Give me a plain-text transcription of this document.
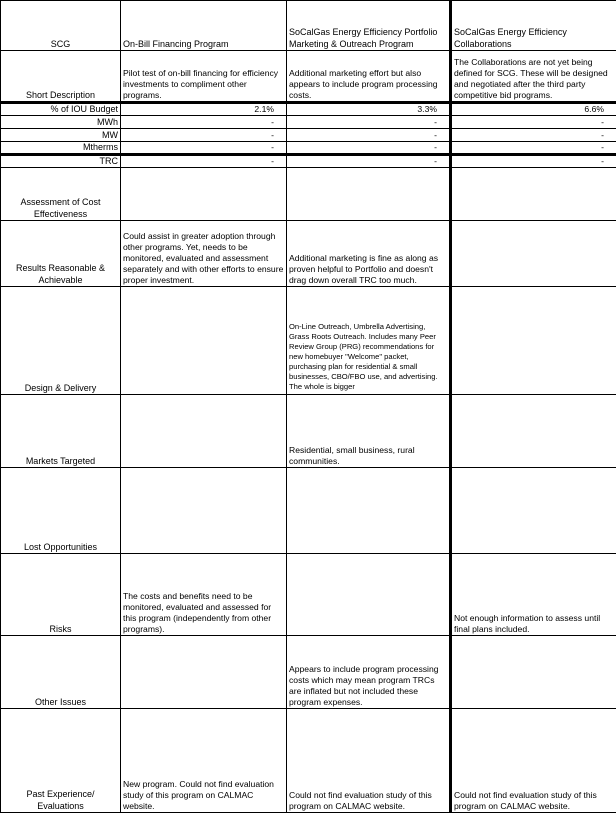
SCG	On-Bill Financing Program	SoCalGas Energy Efficiency Portfolio Marketing & Outreach Program	SoCalGas Energy Efficiency Collaborations
Short Description	Pilot test of on-bill financing for efficiency investments to compliment other programs.	Additional marketing effort but also appears to include program processing costs.	The Collaborations are not yet being defined for SCG. These will be designed and negotiated after the third party competitive bid programs.
% of IOU Budget	2.1%	3.3%	6.6%
MWh	-	-	-
MW	-	-	-
Mtherms	-	-	-
TRC	-	-	-
Assessment of Cost Effectiveness			
Results Reasonable & Achievable	Could assist in greater adoption through other programs. Yet, needs to be monitored, evaluated and assessment separately and with other efforts to ensure proper investment.	Additional marketing is fine as along as proven helpful to Portfolio and doesn't drag down overall TRC too much.	
Design & Delivery		On-Line Outreach, Umbrella Advertising, Grass Roots Outreach. Includes many Peer Review Group (PRG) recommendations for new homebuyer "Welcome" packet, purchasing plan for residential & small businesses, CBO/FBO use, and advertising. The whole is bigger	
Markets Targeted		Residential, small business, rural communities.	
Lost Opportunities			
Risks	The costs and benefits need to be monitored, evaluated and assessed for this program (independently from other programs).		Not enough information to assess until final plans included.
Other Issues		Appears to include program processing costs which may mean program TRCs are inflated but not included these program expenses.	
Past Experience/ Evaluations	New program. Could not find evaluation study of this program on CALMAC website.	Could not find evaluation study of this program on CALMAC website.	Could not find evaluation study of this program on CALMAC website.
